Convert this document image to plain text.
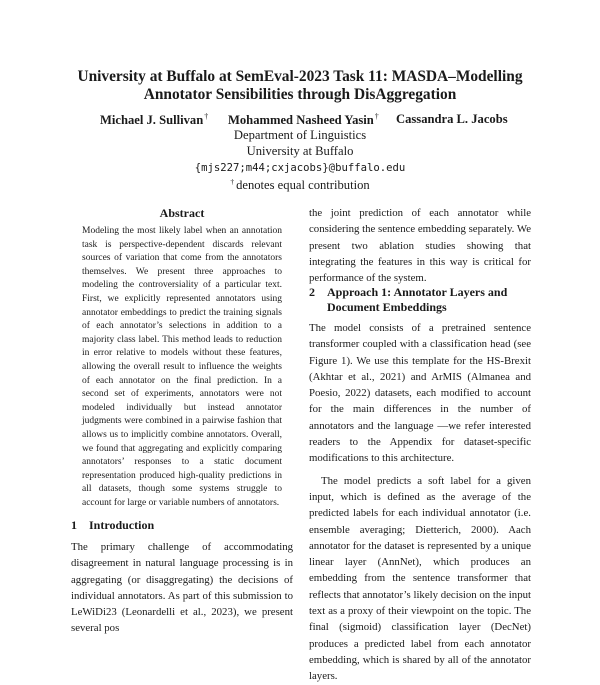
University at Buffalo at SemEval-2023 Task 11: MASDA–Modelling
Annotator Sensibilities through DisAggregation
Michael J. Sullivan† Mohammed Nasheed Yasin† Cassandra L. Jacobs
Department of Linguistics
University at Buffalo
{mjs227;m44;cxjacobs}@buffalo.edu
† denotes equal contribution
Abstract
Modeling the most likely label when an annotation task is perspective-dependent discards relevant sources of variation that come from the annotators themselves. We present three approaches to modeling the controversiality of a particular text. First, we explicitly represented annotators using annotator embeddings to predict the training signals of each annotator’s selections in addition to a majority class label. This method leads to reduction in error relative to models without these features, allowing the overall result to influence the weights of each annotator on the final prediction. In a second set of experiments, annotators were not modeled individually but instead annotator judgments were combined in a pairwise fashion that allows us to implicitly combine annotators. Overall, we found that aggregating and explicitly comparing annotators’ responses to a static document representation produced high-quality predictions in all datasets, though some systems struggle to account for large or variable numbers of annotators.
1 Introduction

The primary challenge of accommodating disagreement in natural language processing is in aggregating (or disaggregating) the decisions of individual annotators. As part of this submission to LeWiDi23 (Leonardelli et al., 2023), we present several pos

the joint prediction of each annotator while considering the sentence embedding separately. We present two ablation studies showing that integrating the features in this way is critical for performance of the system.

2 Approach 1: Annotator Layers and
Document Embeddings

The model consists of a pretrained sentence transformer coupled with a classification head (see Figure 1). We use this template for the HS-Brexit (Akhtar et al., 2021) and ArMIS (Almanea and Poesio, 2022) datasets, each modified to account for the main differences in the number of annotators and the language —we refer interested readers to the Appendix for dataset-specific modifications to this architecture.

The model predicts a soft label for a given input, which is defined as the average of the predicted labels for each individual annotator (i.e. ensemble averaging; Dietterich, 2000). Aach annotator for the dataset is represented by a unique linear layer (AnnNet), which produces an embedding from the sentence transformer that reflects that annotator’s likely decision on the input text as a proxy of their viewpoint on the topic. The final (sigmoid) classification layer (DecNet) produces a predicted label from each annotator embedding, which is shared by all of the annotator layers.
